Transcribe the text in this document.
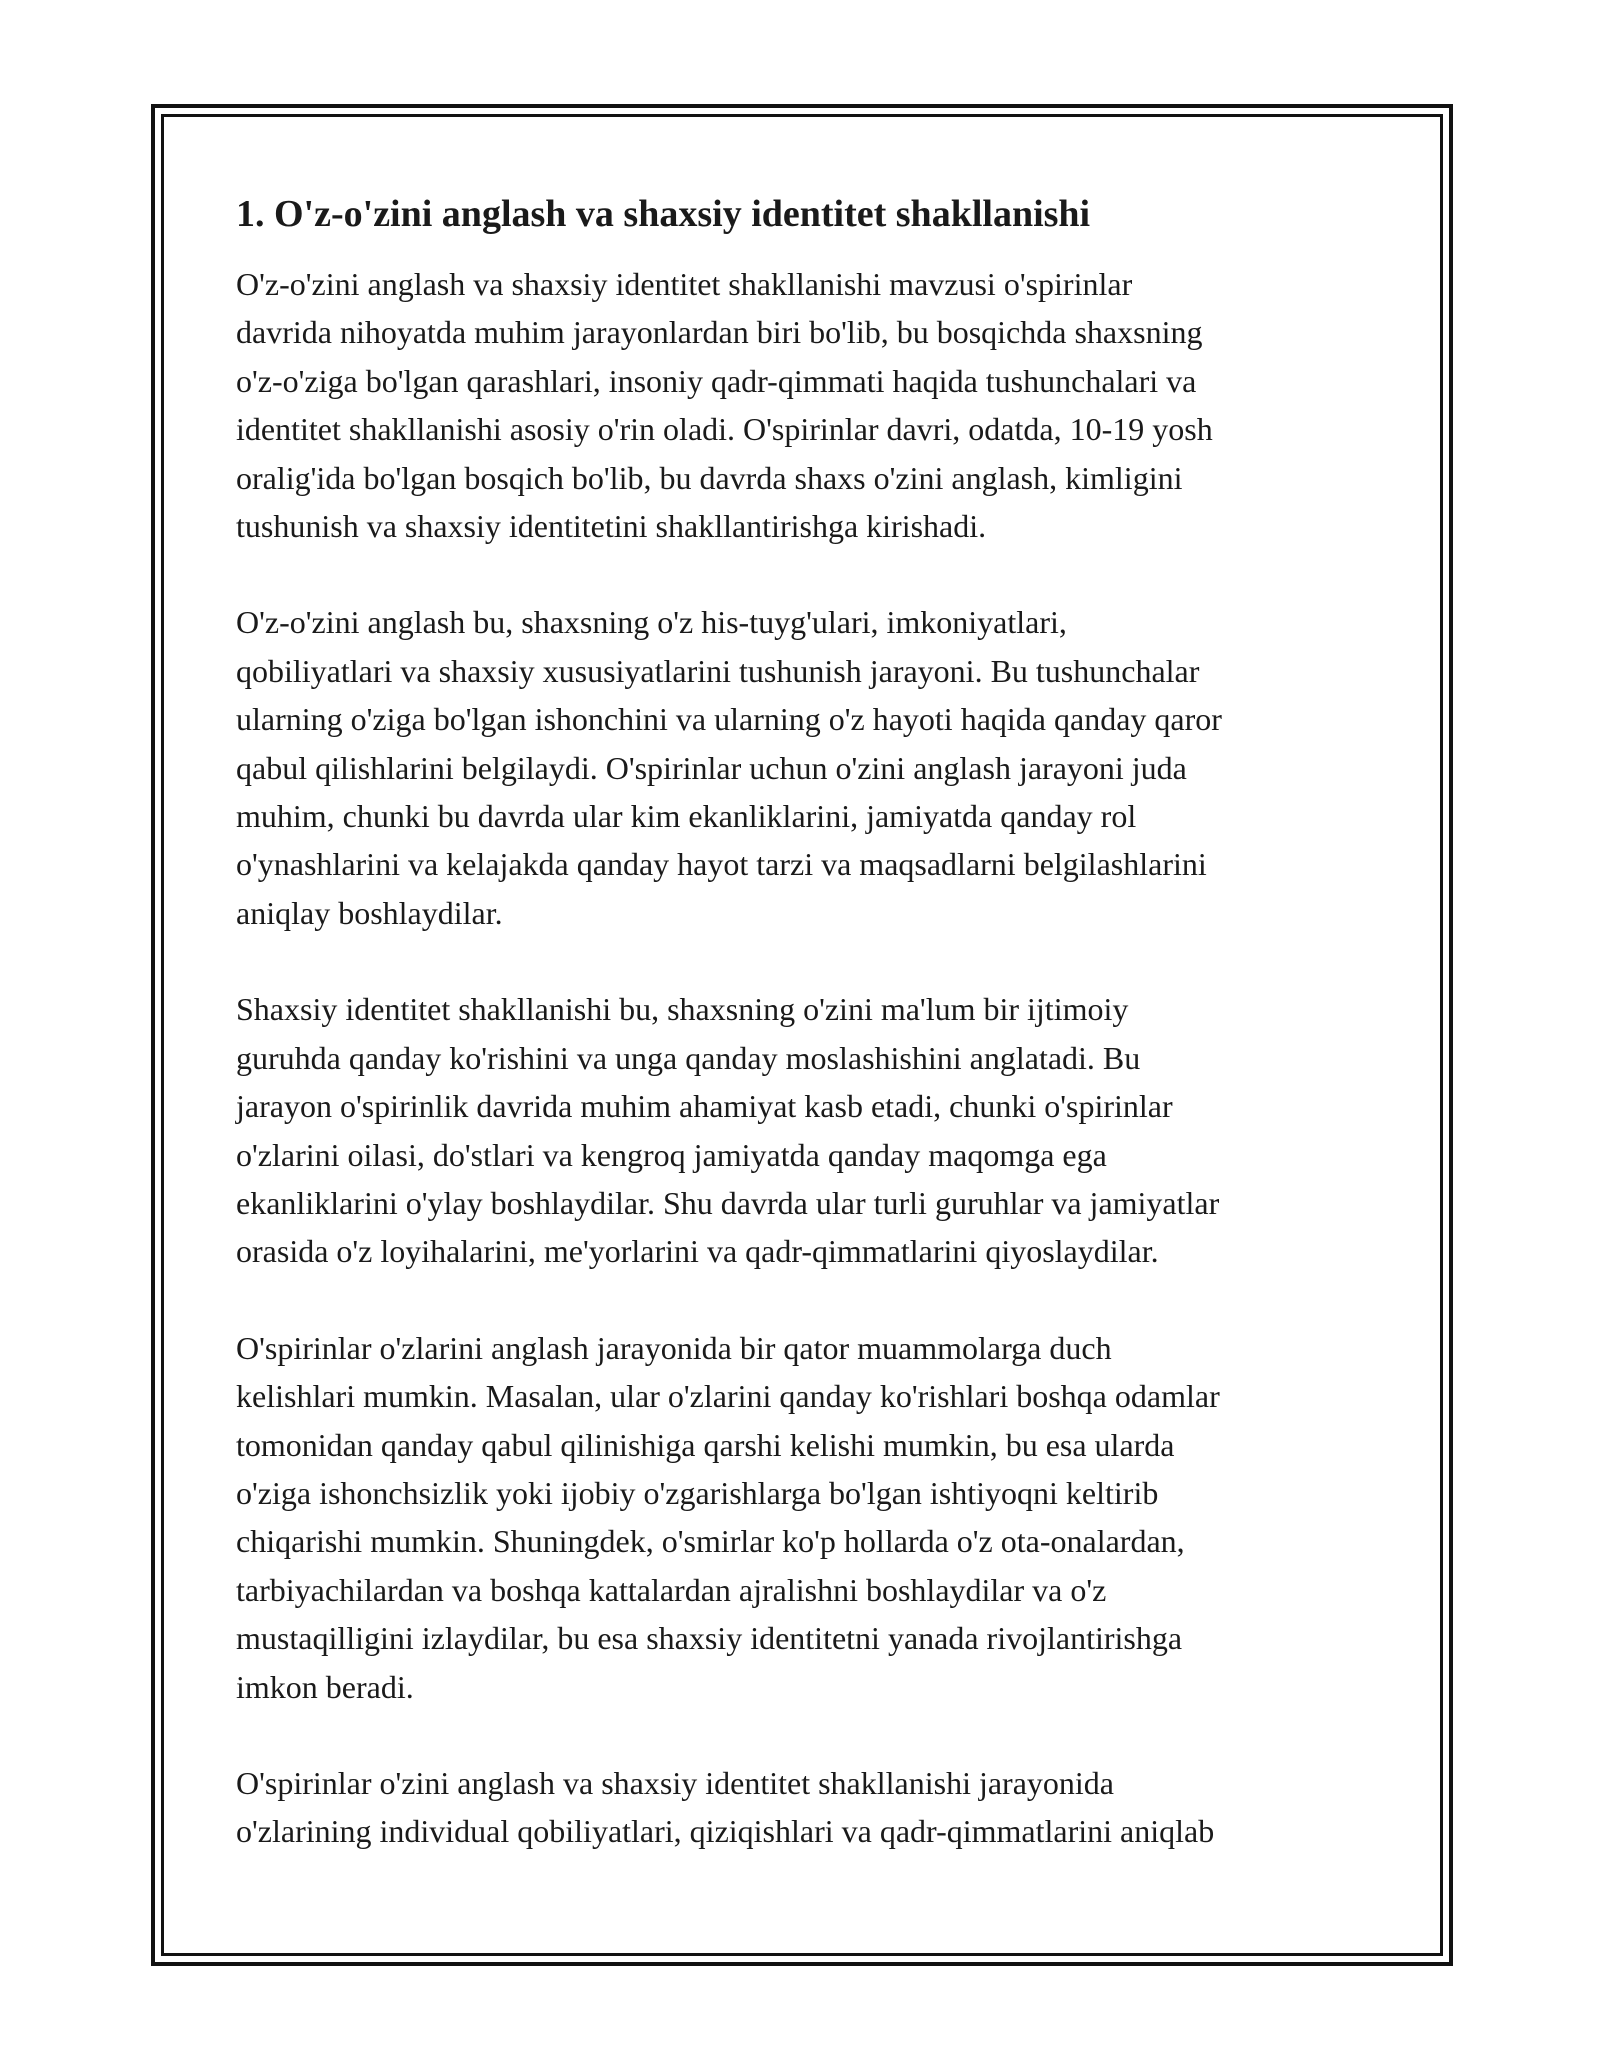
1. O'z-o'zini anglash va shaxsiy identitet shakllanishi
O'z-o'zini anglash va shaxsiy identitet shakllanishi mavzusi o'spirinlar
davrida nihoyatda muhim jarayonlardan biri bo'lib, bu bosqichda shaxsning
o'z-o'ziga bo'lgan qarashlari, insoniy qadr-qimmati haqida tushunchalari va
identitet shakllanishi asosiy o'rin oladi. O'spirinlar davri, odatda, 10-19 yosh
oralig'ida bo'lgan bosqich bo'lib, bu davrda shaxs o'zini anglash, kimligini
tushunish va shaxsiy identitetini shakllantirishga kirishadi.
O'z-o'zini anglash bu, shaxsning o'z his-tuyg'ulari, imkoniyatlari,
qobiliyatlari va shaxsiy xususiyatlarini tushunish jarayoni. Bu tushunchalar
ularning o'ziga bo'lgan ishonchini va ularning o'z hayoti haqida qanday qaror
qabul qilishlarini belgilaydi. O'spirinlar uchun o'zini anglash jarayoni juda
muhim, chunki bu davrda ular kim ekanliklarini, jamiyatda qanday rol
o'ynashlarini va kelajakda qanday hayot tarzi va maqsadlarni belgilashlarini
aniqlay boshlaydilar.
Shaxsiy identitet shakllanishi bu, shaxsning o'zini ma'lum bir ijtimoiy
guruhda qanday ko'rishini va unga qanday moslashishini anglatadi. Bu
jarayon o'spirinlik davrida muhim ahamiyat kasb etadi, chunki o'spirinlar
o'zlarini oilasi, do'stlari va kengroq jamiyatda qanday maqomga ega
ekanliklarini o'ylay boshlaydilar. Shu davrda ular turli guruhlar va jamiyatlar
orasida o'z loyihalarini, me'yorlarini va qadr-qimmatlarini qiyoslaydilar.
O'spirinlar o'zlarini anglash jarayonida bir qator muammolarga duch
kelishlari mumkin. Masalan, ular o'zlarini qanday ko'rishlari boshqa odamlar
tomonidan qanday qabul qilinishiga qarshi kelishi mumkin, bu esa ularda
o'ziga ishonchsizlik yoki ijobiy o'zgarishlarga bo'lgan ishtiyoqni keltirib
chiqarishi mumkin. Shuningdek, o'smirlar ko'p hollarda o'z ota-onalardan,
tarbiyachilardan va boshqa kattalardan ajralishni boshlaydilar va o'z
mustaqilligini izlaydilar, bu esa shaxsiy identitetni yanada rivojlantirishga
imkon beradi.
O'spirinlar o'zini anglash va shaxsiy identitet shakllanishi jarayonida
o'zlarining individual qobiliyatlari, qiziqishlari va qadr-qimmatlarini aniqlab
